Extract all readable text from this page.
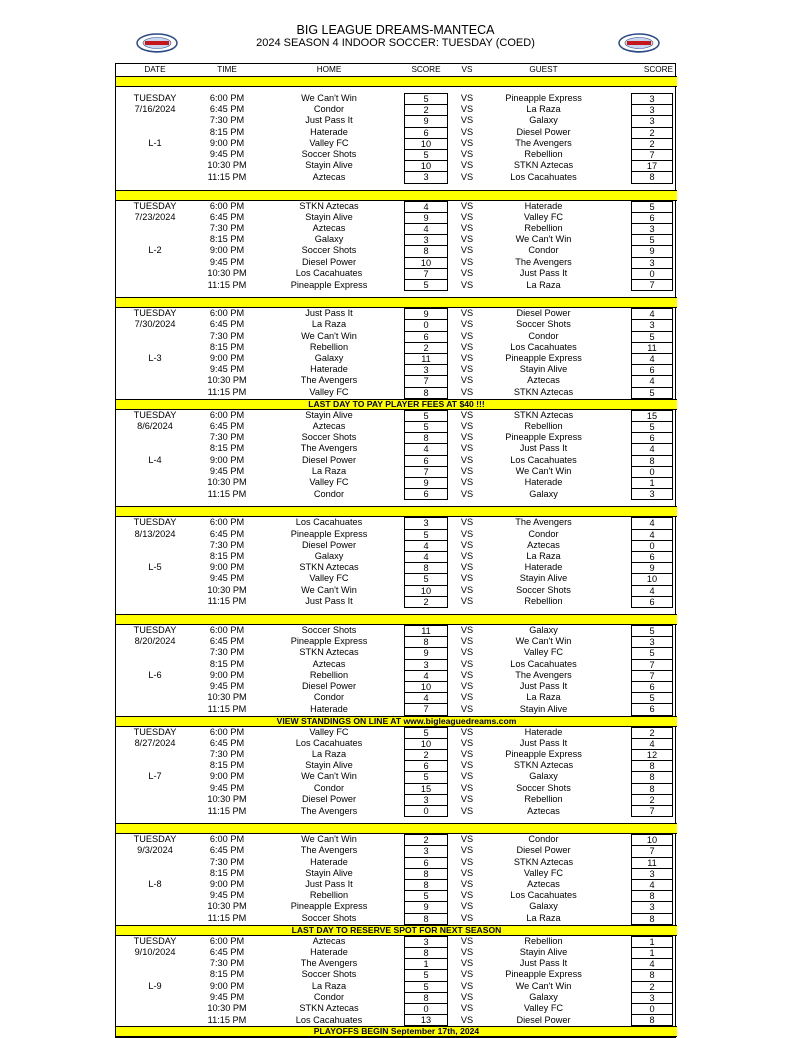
BIG LEAGUE DREAMS-MANTECA
2024 SEASON 4 INDOOR SOCCER: TUESDAY (COED)
DATE	TIME	HOME	SCORE	VS	GUEST	SCORE

TUESDAY	6:00 PM	We Can't Win	5	VS	Pineapple Express	3

7/16/2024	6:45 PM	Condor	2	VS	La Raza	3

	7:30 PM	Just Pass It	9	VS	Galaxy	3

	8:15 PM	Haterade	6	VS	Diesel Power	2

L-1	9:00 PM	Valley FC	10	VS	The Avengers	2

	9:45 PM	Soccer Shots	5	VS	Rebellion	7

	10:30 PM	Stayin Alive	10	VS	STKN Aztecas	17

	11:15 PM	Aztecas	3	VS	Los Cacahuates	8

TUESDAY	6:00 PM	STKN Aztecas	4	VS	Haterade	5

7/23/2024	6:45 PM	Stayin Alive	9	VS	Valley FC	6

	7:30 PM	Aztecas	4	VS	Rebellion	3

	8:15 PM	Galaxy	3	VS	We Can't Win	5

L-2	9:00 PM	Soccer Shots	8	VS	Condor	9

	9:45 PM	Diesel Power	10	VS	The Avengers	3

	10:30 PM	Los Cacahuates	7	VS	Just Pass It	0

	11:15 PM	Pineapple Express	5	VS	La Raza	7

TUESDAY	6:00 PM	Just Pass It	9	VS	Diesel Power	4

7/30/2024	6:45 PM	La Raza	0	VS	Soccer Shots	3

	7:30 PM	We Can't Win	6	VS	Condor	5

	8:15 PM	Rebellion	2	VS	Los Cacahuates	11

L-3	9:00 PM	Galaxy	11	VS	Pineapple Express	4

	9:45 PM	Haterade	3	VS	Stayin Alive	6

	10:30 PM	The Avengers	7	VS	Aztecas	4

	11:15 PM	Valley FC	8	VS	STKN Aztecas	5

LAST DAY TO PAY PLAYER FEES AT $40 !!!						
TUESDAY	6:00 PM	Stayin Alive	5	VS	STKN Aztecas	15

8/6/2024	6:45 PM	Aztecas	5	VS	Rebellion	5

	7:30 PM	Soccer Shots	8	VS	Pineapple Express	6

	8:15 PM	The Avengers	4	VS	Just Pass It	4

L-4	9:00 PM	Diesel Power	6	VS	Los Cacahuates	8

	9:45 PM	La Raza	7	VS	We Can't Win	0

	10:30 PM	Valley FC	9	VS	Haterade	1

	11:15 PM	Condor	6	VS	Galaxy	3

TUESDAY	6:00 PM	Los Cacahuates	3	VS	The Avengers	4

8/13/2024	6:45 PM	Pineapple Express	5	VS	Condor	4

	7:30 PM	Diesel Power	4	VS	Aztecas	0

	8:15 PM	Galaxy	4	VS	La Raza	6

L-5	9:00 PM	STKN Aztecas	8	VS	Haterade	9

	9:45 PM	Valley FC	5	VS	Stayin Alive	10

	10:30 PM	We Can't Win	10	VS	Soccer Shots	4

	11:15 PM	Just Pass It	2	VS	Rebellion	6

TUESDAY	6:00 PM	Soccer Shots	11	VS	Galaxy	5

8/20/2024	6:45 PM	Pineapple Express	8	VS	We Can't Win	3

	7:30 PM	STKN Aztecas	9	VS	Valley FC	5

	8:15 PM	Aztecas	3	VS	Los Cacahuates	7

L-6	9:00 PM	Rebellion	4	VS	The Avengers	7

	9:45 PM	Diesel Power	10	VS	Just Pass It	6

	10:30 PM	Condor	4	VS	La Raza	5

	11:15 PM	Haterade	7	VS	Stayin Alive	6

VIEW STANDINGS ON LINE AT www.bigleaguedreams.com						
TUESDAY	6:00 PM	Valley FC	5	VS	Haterade	2

8/27/2024	6:45 PM	Los Cacahuates	10	VS	Just Pass It	4

	7:30 PM	La Raza	2	VS	Pineapple Express	12

	8:15 PM	Stayin Alive	6	VS	STKN Aztecas	8

L-7	9:00 PM	We Can't Win	5	VS	Galaxy	8

	9:45 PM	Condor	15	VS	Soccer Shots	8

	10:30 PM	Diesel Power	3	VS	Rebellion	2

	11:15 PM	The Avengers	0	VS	Aztecas	7

TUESDAY	6:00 PM	We Can't Win	2	VS	Condor	10

9/3/2024	6:45 PM	The Avengers	3	VS	Diesel Power	7

	7:30 PM	Haterade	6	VS	STKN Aztecas	11

	8:15 PM	Stayin Alive	8	VS	Valley FC	3

L-8	9:00 PM	Just Pass It	8	VS	Aztecas	4

	9:45 PM	Rebellion	5	VS	Los Cacahuates	8

	10:30 PM	Pineapple Express	9	VS	Galaxy	3

	11:15 PM	Soccer Shots	8	VS	La Raza	8

LAST DAY TO RESERVE SPOT FOR NEXT SEASON						
TUESDAY	6:00 PM	Aztecas	3	VS	Rebellion	1

9/10/2024	6:45 PM	Haterade	8	VS	Stayin Alive	1

	7:30 PM	The Avengers	1	VS	Just Pass It	4

	8:15 PM	Soccer Shots	5	VS	Pineapple Express	8

L-9	9:00 PM	La Raza	5	VS	We Can't Win	2

	9:45 PM	Condor	8	VS	Galaxy	3

	10:30 PM	STKN Aztecas	0	VS	Valley FC	0

	11:15 PM	Los Cacahuates	13	VS	Diesel Power	8

PLAYOFFS BEGIN September 17th, 2024						
